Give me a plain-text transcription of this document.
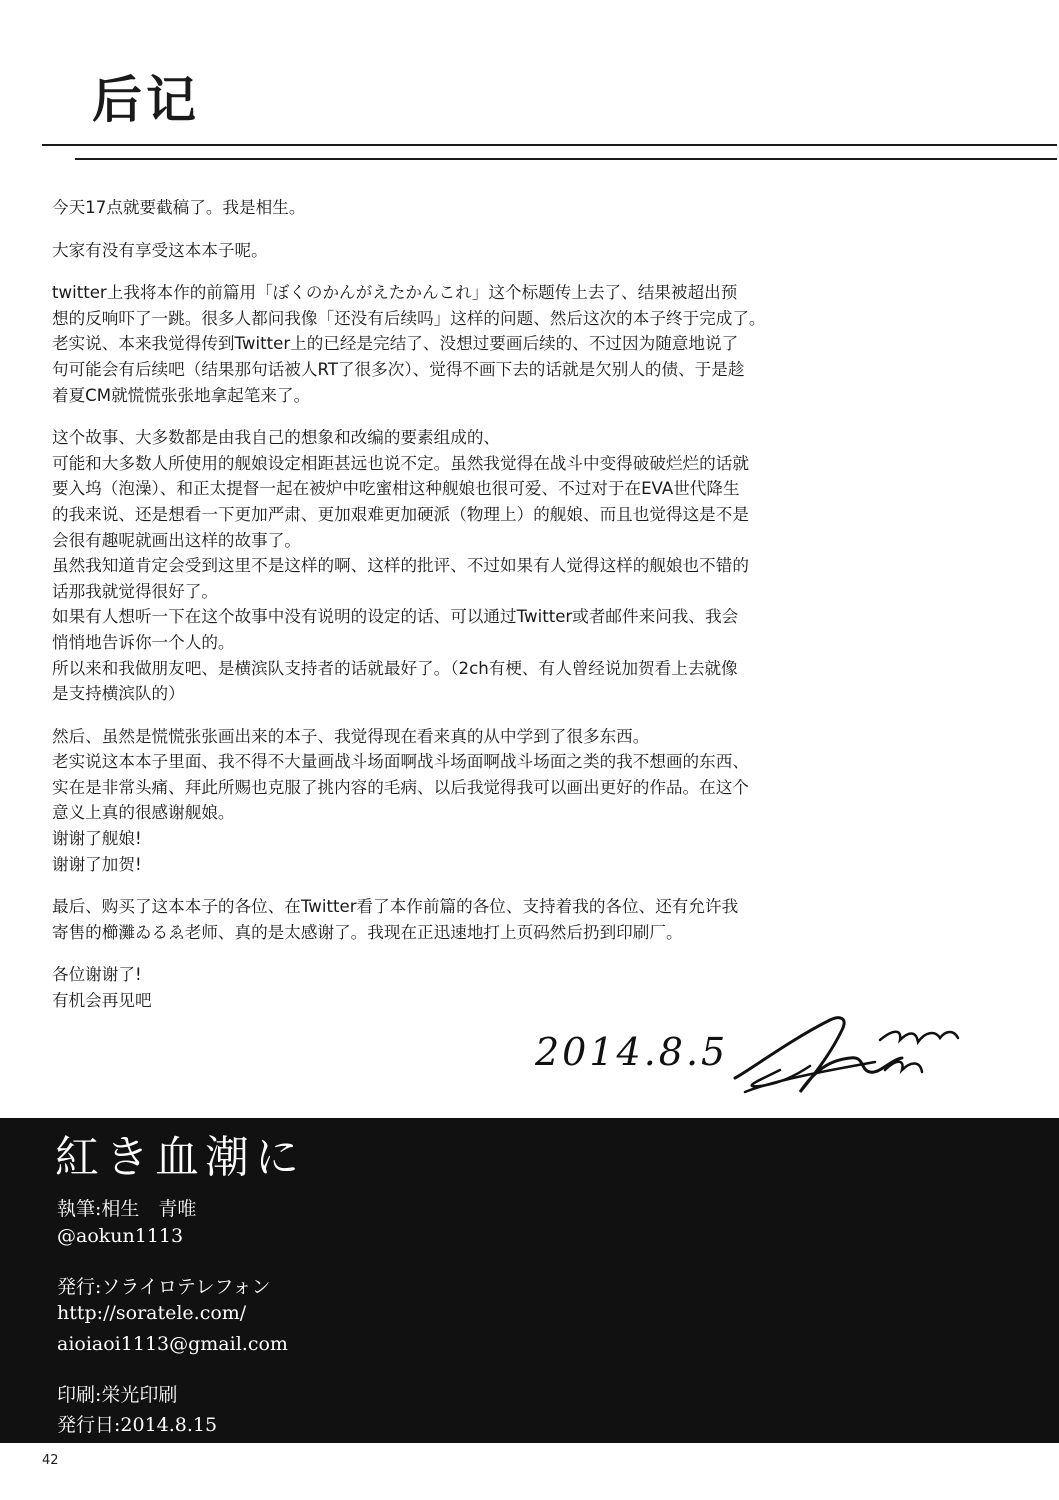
后记
今天17点就要截稿了。我是相生。
大家有没有享受这本本子呢。
twitter上我将本作的前篇用「ぼくのかんがえたかんこれ」这个标题传上去了、结果被超出预
想的反响吓了一跳。很多人都问我像「还没有后续吗」这样的问题、然后这次的本子终于完成了。
老实说、本来我觉得传到Twitter上的已经是完结了、没想过要画后续的、不过因为随意地说了
句可能会有后续吧（结果那句话被人RT了很多次）、觉得不画下去的话就是欠别人的债、于是趁
着夏CM就慌慌张张地拿起笔来了。
这个故事、大多数都是由我自己的想象和改编的要素组成的、
可能和大多数人所使用的舰娘设定相距甚远也说不定。虽然我觉得在战斗中变得破破烂烂的话就
要入坞（泡澡）、和正太提督一起在被炉中吃蜜柑这种舰娘也很可爱、不过对于在EVA世代降生
的我来说、还是想看一下更加严肃、更加艰难更加硬派（物理上）的舰娘、而且也觉得这是不是
会很有趣呢就画出这样的故事了。
虽然我知道肯定会受到这里不是这样的啊、这样的批评、不过如果有人觉得这样的舰娘也不错的
话那我就觉得很好了。
如果有人想听一下在这个故事中没有说明的设定的话、可以通过Twitter或者邮件来问我、我会
悄悄地告诉你一个人的。
所以来和我做朋友吧、是横滨队支持者的话就最好了。（2ch有梗、有人曾经说加贺看上去就像
是支持横滨队的）
然后、虽然是慌慌张张画出来的本子、我觉得现在看来真的从中学到了很多东西。
老实说这本本子里面、我不得不大量画战斗场面啊战斗场面啊战斗场面之类的我不想画的东西、
实在是非常头痛、拜此所赐也克服了挑内容的毛病、以后我觉得我可以画出更好的作品。在这个
意义上真的很感谢舰娘。
谢谢了舰娘!
谢谢了加贺!
最后、购买了这本本子的各位、在Twitter看了本作前篇的各位、支持着我的各位、还有允许我
寄售的櫛灘ゐるゑ老师、真的是太感谢了。我现在正迅速地打上页码然后扔到印刷厂。
各位谢谢了!
有机会再见吧
2014.8.5
紅き血潮に
執筆:相生　青唯
@aokun1113
発行:ソライロテレフォン
http://soratele.com/
aioiaoi1113@gmail.com
印刷:栄光印刷
発行日:2014.8.15
42
